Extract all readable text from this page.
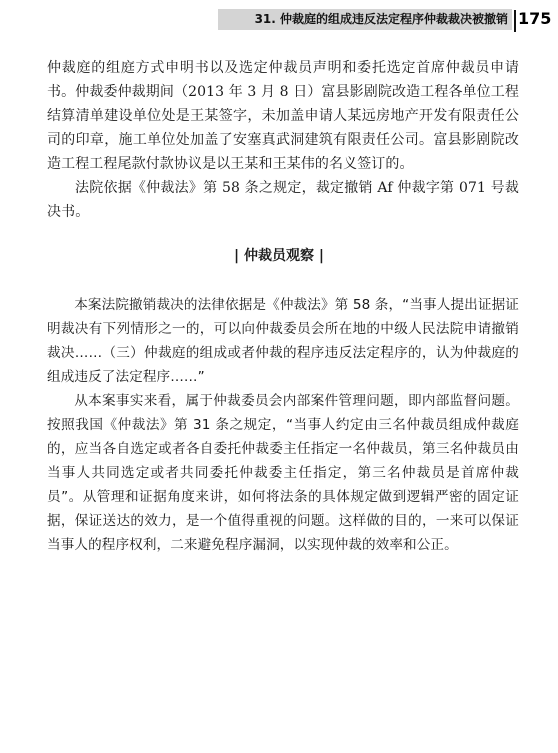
31. 仲裁庭的组成违反法定程序仲裁裁决被撤销 175

仲裁庭的组庭方式申明书以及选定仲裁员声明和委托选定首席仲裁员申请书。仲裁委仲裁期间（2013 年 3 月 8 日）富县影剧院改造工程各单位工程结算清单建设单位处是王某签字，未加盖申请人某远房地产开发有限责任公司的印章，施工单位处加盖了安塞真武洞建筑有限责任公司。富县影剧院改造工程工程尾款付款协议是以王某和王某伟的名义签订的。

法院依据《仲裁法》第 58 条之规定，裁定撤销 Af 仲裁字第 071 号裁决书。

| 仲裁员观察 |

本案法院撤销裁决的法律依据是《仲裁法》第 58 条，“当事人提出证据证明裁决有下列情形之一的，可以向仲裁委员会所在地的中级人民法院申请撤销裁决……（三）仲裁庭的组成或者仲裁的程序违反法定程序的，认为仲裁庭的组成违反了法定程序……”

从本案事实来看，属于仲裁委员会内部案件管理问题，即内部监督问题。按照我国《仲裁法》第 31 条之规定，“当事人约定由三名仲裁员组成仲裁庭的，应当各自选定或者各自委托仲裁委主任指定一名仲裁员，第三名仲裁员由当事人共同选定或者共同委托仲裁委主任指定，第三名仲裁员是首席仲裁员”。从管理和证据角度来讲，如何将法条的具体规定做到逻辑严密的固定证据，保证送达的效力，是一个值得重视的问题。这样做的目的，一来可以保证当事人的程序权利，二来避免程序漏洞，以实现仲裁的效率和公正。
